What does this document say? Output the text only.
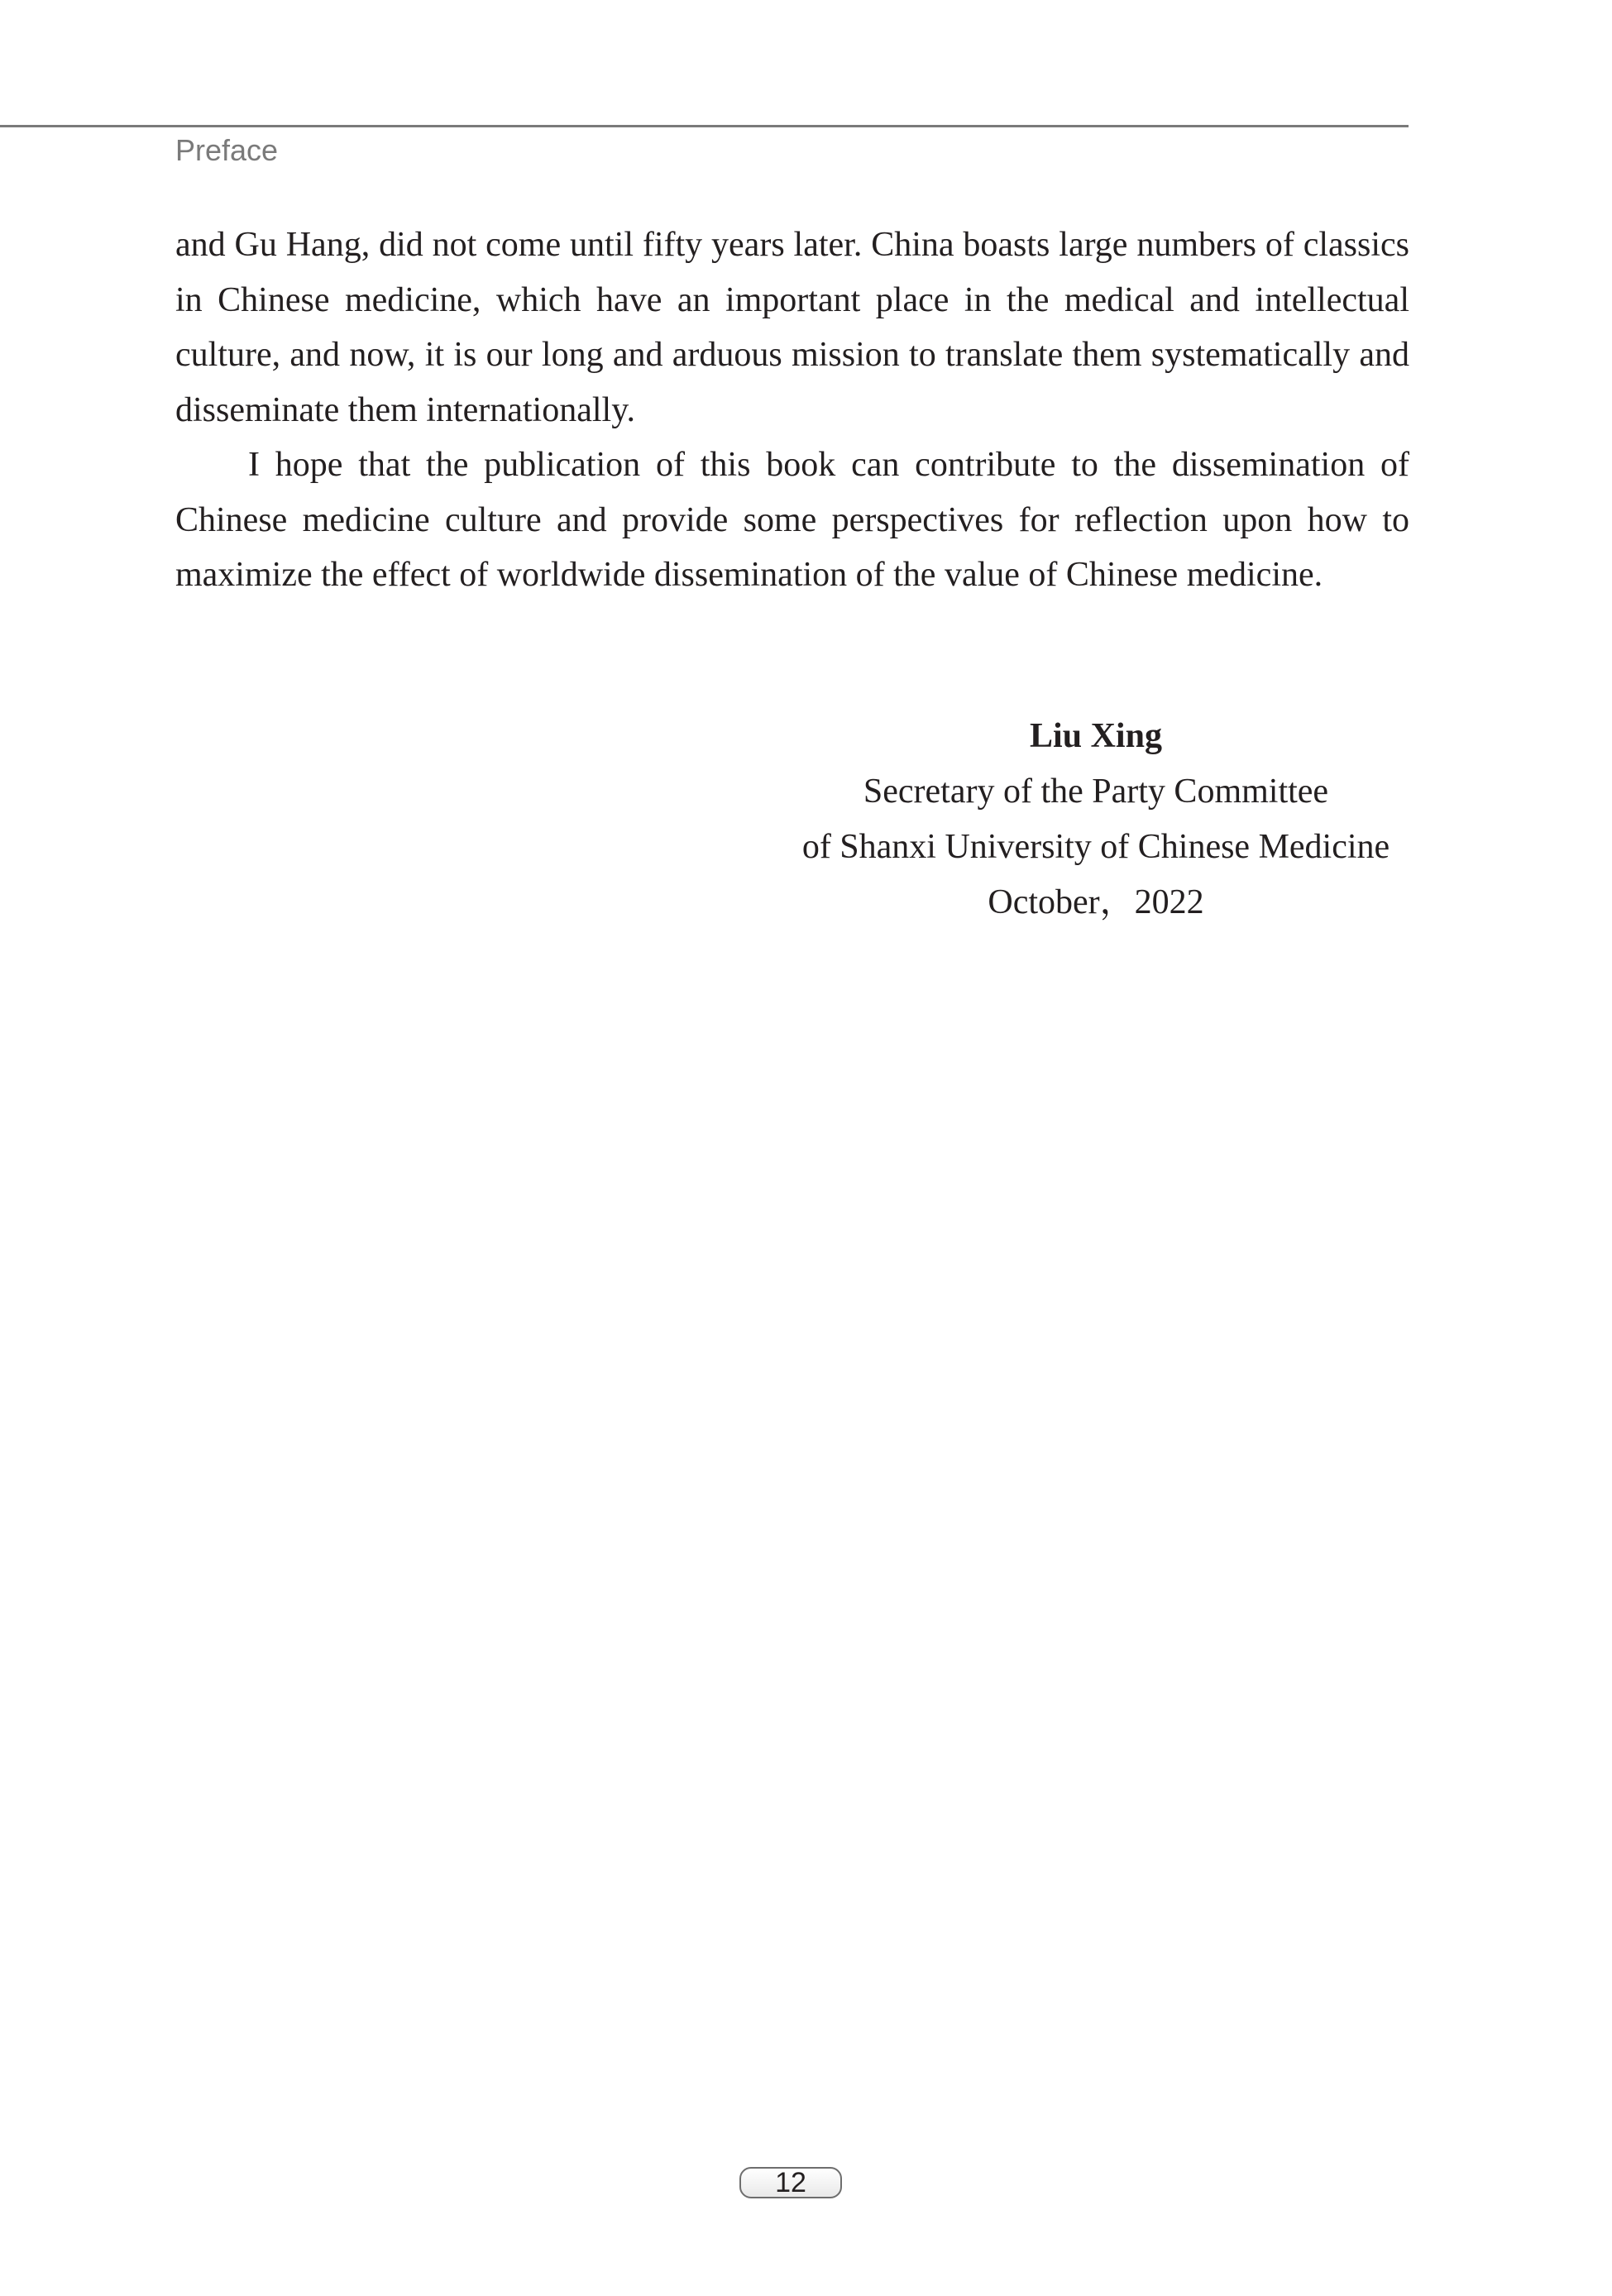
Preface

and Gu Hang, did not come until fifty years later. China boasts large numbers of classics in Chinese medicine, which have an important place in the medical and intellectual culture, and now, it is our long and arduous mission to translate them systematically and disseminate them internationally.

I hope that the publication of this book can contribute to the dissemination of Chinese medicine culture and provide some perspectives for reflection upon how to maximize the effect of worldwide dissemination of the value of Chinese medicine.

Liu Xing
Secretary of the Party Committee
of Shanxi University of Chinese Medicine
October，2022
12
